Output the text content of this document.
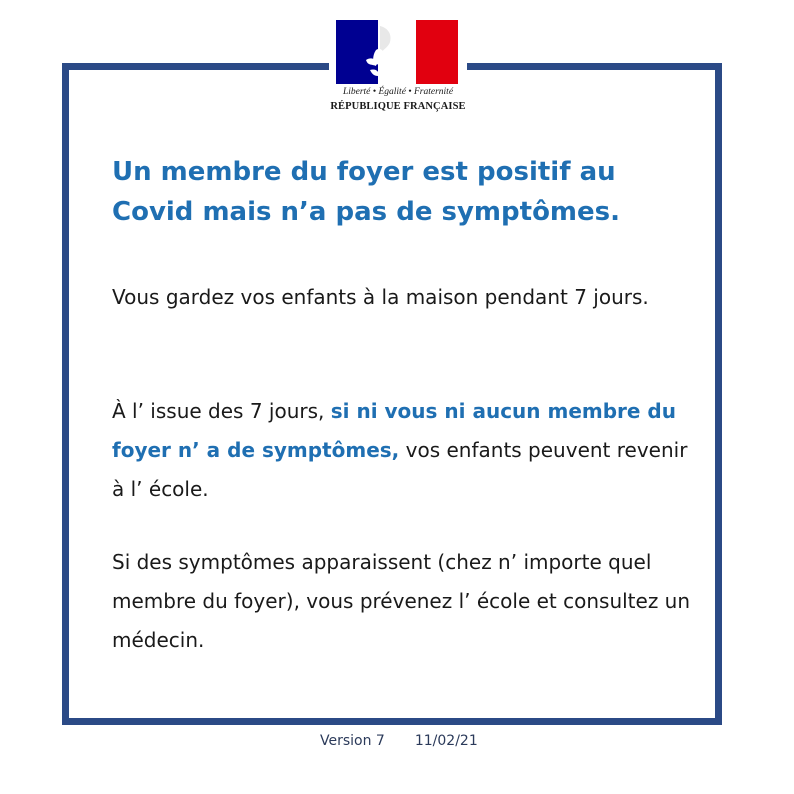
Liberté • Égalité • Fraternité
RÉPUBLIQUE FRANÇAISE
Un membre du foyer est positif au
Covid mais n’a pas de symptômes.

Vous gardez vos enfants à la maison pendant 7 jours.

À l’ issue des 7 jours, si ni vous ni aucun membre du foyer n’ a de symptômes, vos enfants peuvent revenir à l’ école.

Si des symptômes apparaissent (chez n’ importe quel membre du foyer), vous prévenez l’ école et consultez un médecin.

Version 7 11/02/21
